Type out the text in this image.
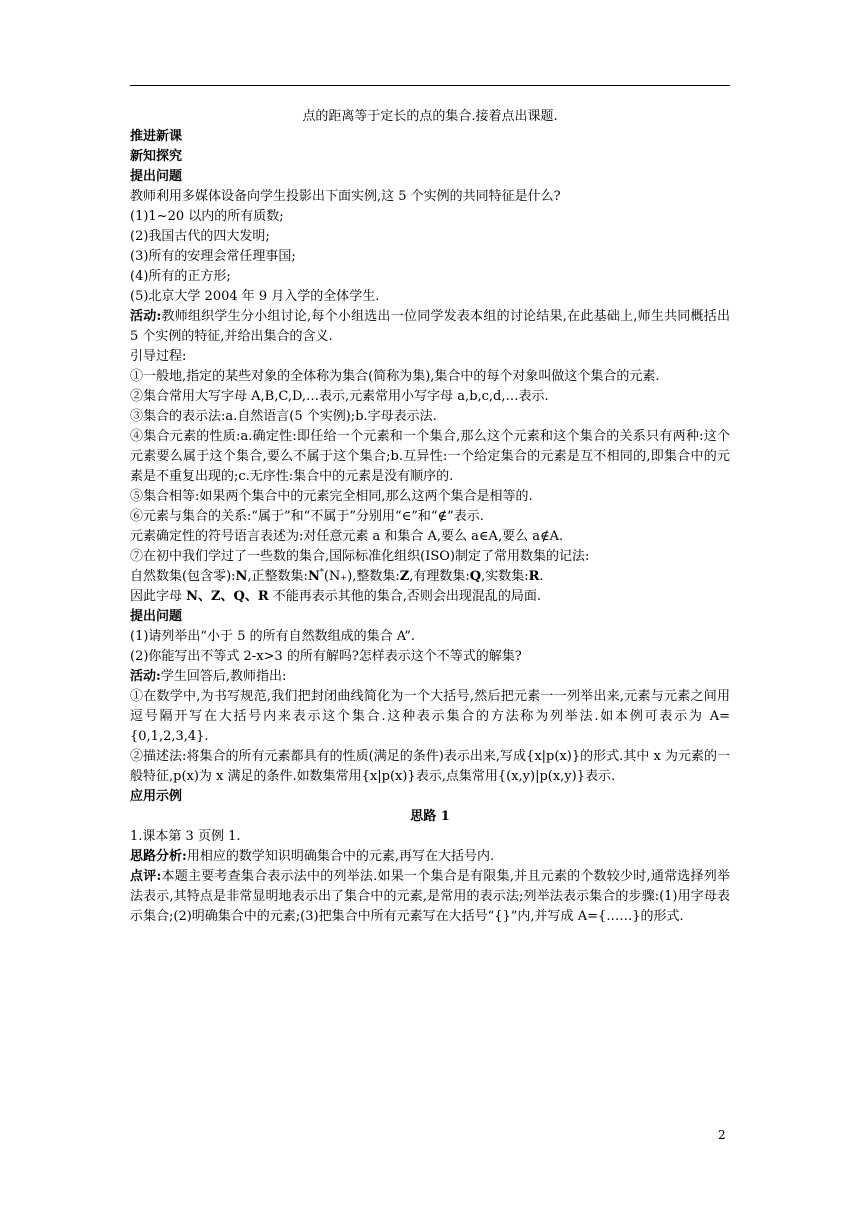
点的距离等于定长的点的集合.接着点出课题.
推进新课
新知探究
提出问题
教师利用多媒体设备向学生投影出下面实例,这 5 个实例的共同特征是什么?
(1)1~20 以内的所有质数;
(2)我国古代的四大发明;
(3)所有的安理会常任理事国;
(4)所有的正方形;
(5)北京大学 2004 年 9 月入学的全体学生.
活动:教师组织学生分小组讨论,每个小组选出一位同学发表本组的讨论结果,在此基础上,师生共同概括出 5 个实例的特征,并给出集合的含义.
引导过程:
①一般地,指定的某些对象的全体称为集合(简称为集),集合中的每个对象叫做这个集合的元素.
②集合常用大写字母 A,B,C,D,…表示,元素常用小写字母 a,b,c,d,…表示.
③集合的表示法:a.自然语言(5 个实例);b.字母表示法.
④集合元素的性质:a.确定性:即任给一个元素和一个集合,那么这个元素和这个集合的关系只有两种:这个元素要么属于这个集合,要么不属于这个集合;b.互异性:一个给定集合的元素是互不相同的,即集合中的元素是不重复出现的;c.无序性:集合中的元素是没有顺序的.
⑤集合相等:如果两个集合中的元素完全相同,那么这两个集合是相等的.
⑥元素与集合的关系:“属于”和“不属于”分别用“∈”和“∉”表示.
元素确定性的符号语言表述为:对任意元素 a 和集合 A,要么 a∈A,要么 a∉A.
⑦在初中我们学过了一些数的集合,国际标准化组织(ISO)制定了常用数集的记法:
自然数集(包含零):N,正整数集:N*(N₊),整数集:Z,有理数集:Q,实数集:R.
因此字母 N、Z、Q、R 不能再表示其他的集合,否则会出现混乱的局面.
提出问题
(1)请列举出“小于 5 的所有自然数组成的集合 A”.
(2)你能写出不等式 2-x>3 的所有解吗?怎样表示这个不等式的解集?
活动:学生回答后,教师指出:
①在数学中,为书写规范,我们把封闭曲线简化为一个大括号,然后把元素一一列举出来,元素与元素之间用逗号隔开写在大括号内来表示这个集合.这种表示集合的方法称为列举法.如本例可表示为 A={0,1,2,3,4}.
②描述法:将集合的所有元素都具有的性质(满足的条件)表示出来,写成{x|p(x)}的形式.其中 x 为元素的一般特征,p(x)为 x 满足的条件.如数集常用{x|p(x)}表示,点集常用{(x,y)|p(x,y)}表示.
应用示例
思路 1
1.课本第 3 页例 1.
思路分析:用相应的数学知识明确集合中的元素,再写在大括号内.
点评:本题主要考查集合表示法中的列举法.如果一个集合是有限集,并且元素的个数较少时,通常选择列举法表示,其特点是非常显明地表示出了集合中的元素,是常用的表示法;列举法表示集合的步骤:(1)用字母表示集合;(2)明确集合中的元素;(3)把集合中所有元素写在大括号“{}”内,并写成 A={……}的形式.
2
